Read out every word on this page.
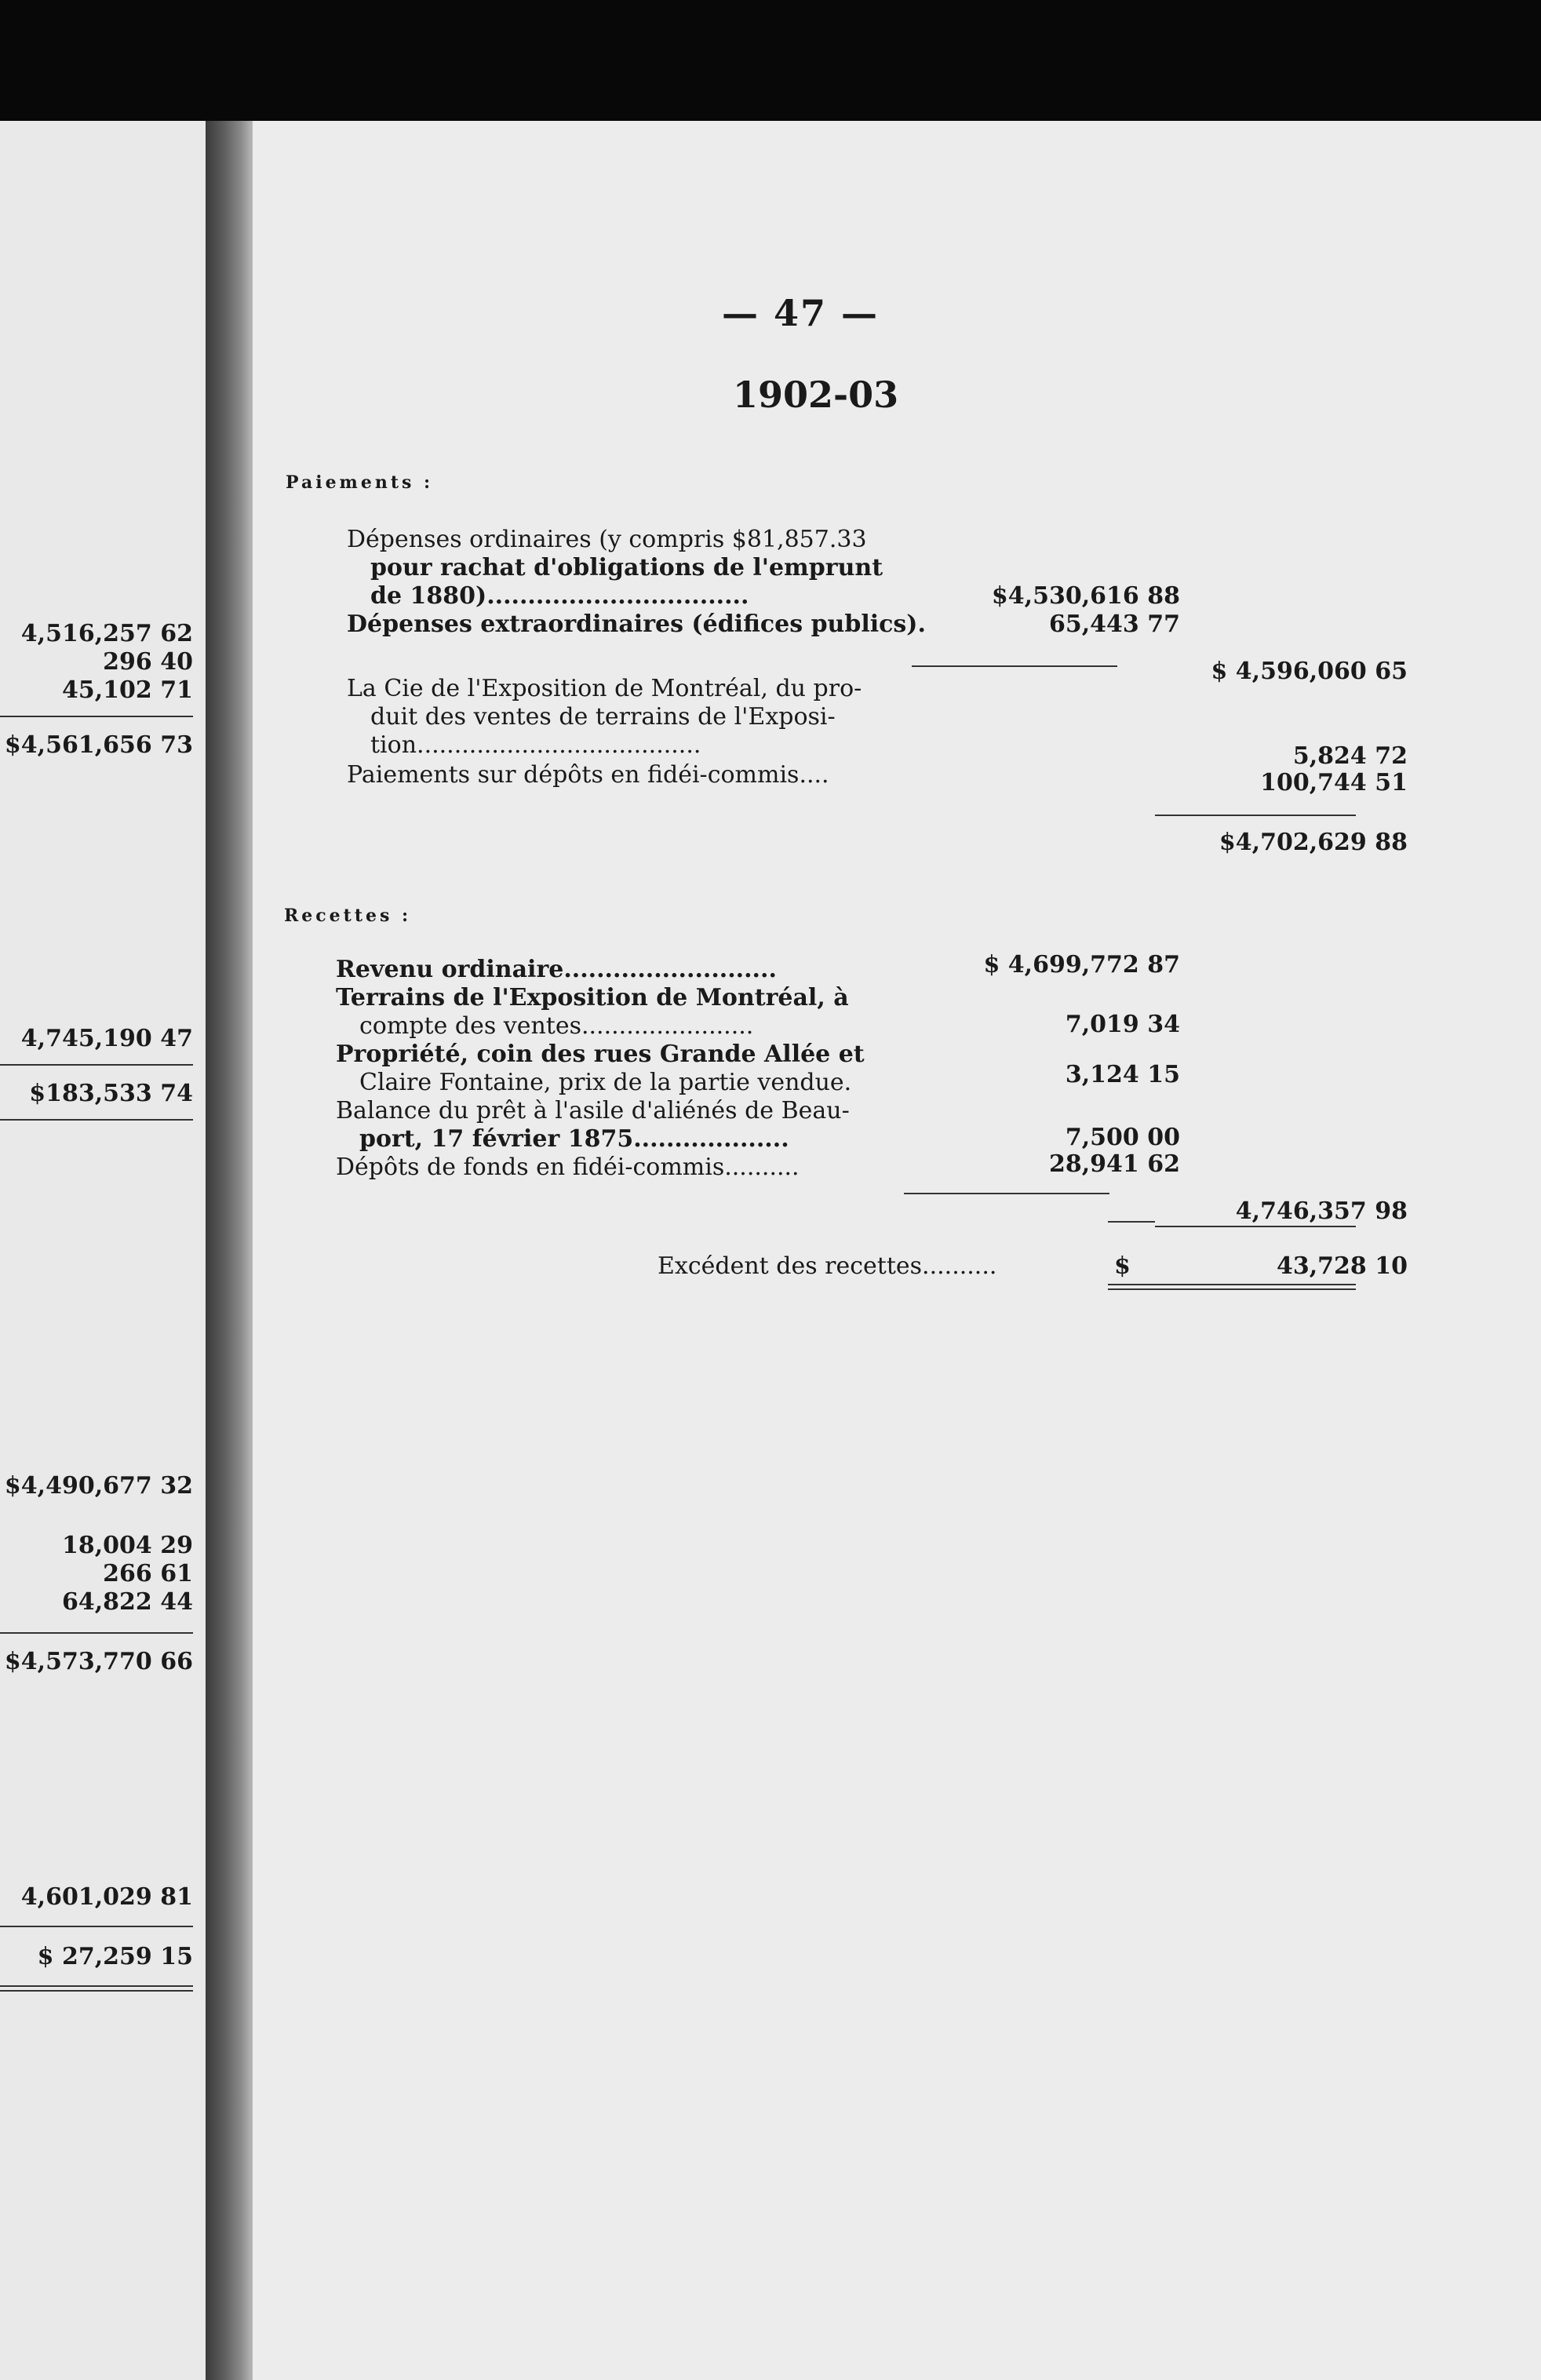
4,516,257 62
296 40
45,102 71
$4,561,656 73
4,745,190 47
$183,533 74
$4,490,677 32
18,004 29
266 61
64,822 44
$4,573,770 66
4,601,029 81
$ 27,259 15
— 47 —
1902-03
Paiements :
Dépenses ordinaires (y compris $81,857.33
pour rachat d'obligations de l'emprunt
de 1880)................................	$4,530,616 88
Dépenses extraordinaires (édifices publics).	65,443 77
$ 4,596,060 65
La Cie de l'Exposition de Montréal, du pro-
duit des ventes de terrains de l'Exposi-
tion......................................	5,824 72
Paiements sur dépôts en fidéi-commis....	100,744 51
$4,702,629 88
Recettes :
Revenu ordinaire..........................	$ 4,699,772 87
Terrains de l'Exposition de Montréal, à
compte des ventes.......................	7,019 34
Propriété, coin des rues Grande Allée et
Claire Fontaine, prix de la partie vendue.	3,124 15
Balance du prêt à l'asile d'aliénés de Beau-
port, 17 février 1875...................	7,500 00
Dépôts de fonds en fidéi-commis..........	28,941 62
4,746,357 98
Excédent des recettes..........	$	43,728 10
